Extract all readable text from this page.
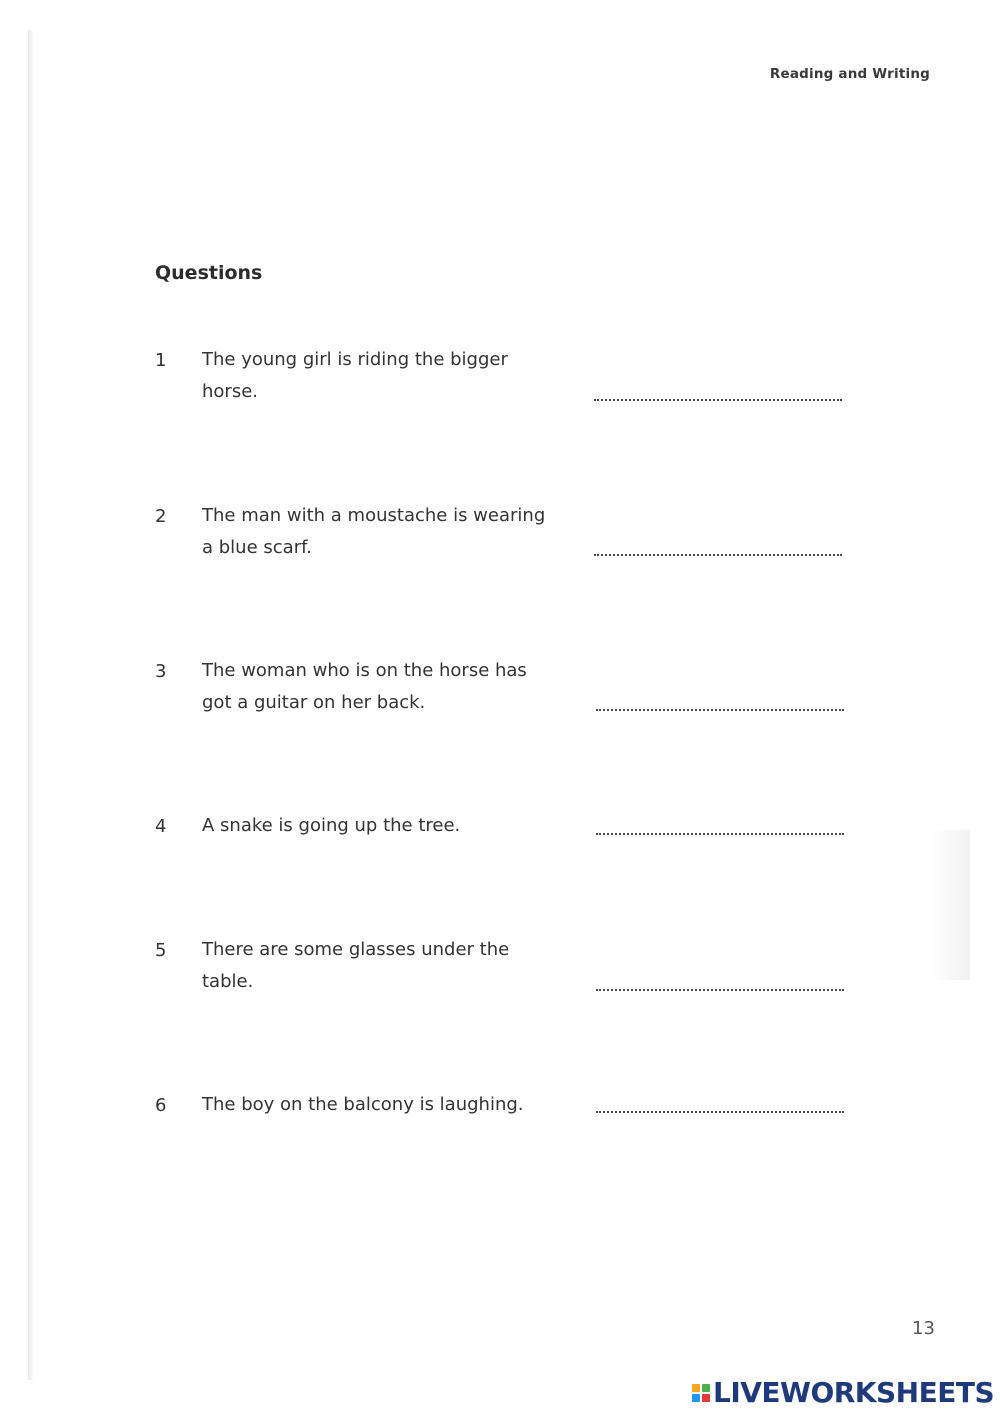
Reading and Writing
Questions
1 The young girl is riding the bigger
horse.
2 The man with a moustache is wearing
a blue scarf.
3 The woman who is on the horse has
got a guitar on her back.
4 A snake is going up the tree.
5 There are some glasses under the
table.
6 The boy on the balcony is laughing.
13
LIVEWORKSHEETS
